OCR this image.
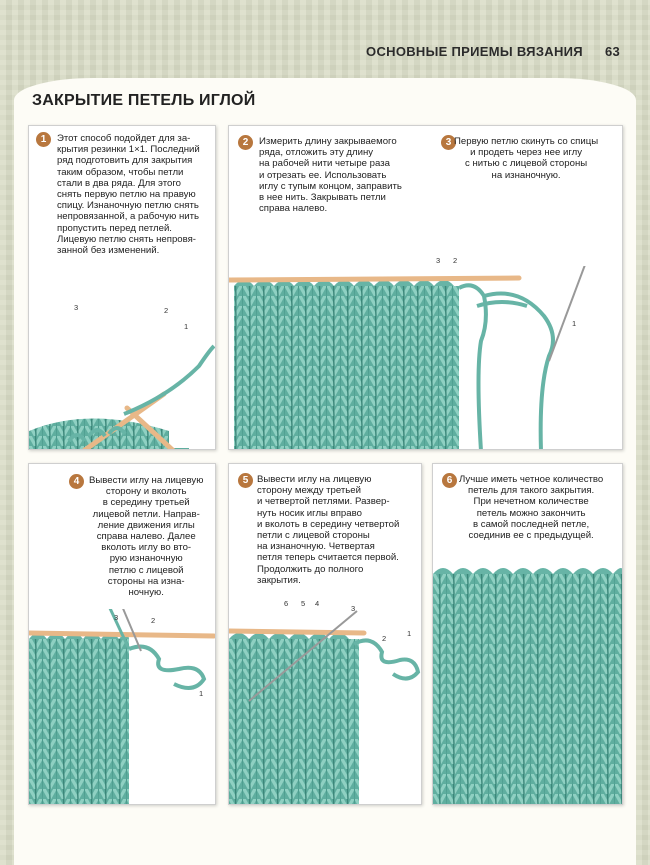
ОСНОВНЫЕ ПРИЕМЫ ВЯЗАНИЯ 63
ЗАКРЫТИЕ ПЕТЕЛЬ ИГЛОЙ
1	Этот способ подойдет для за-
крытия резинки 1×1. Последний
ряд подготовить для закрытия
таким образом, чтобы петли
стали в два ряда. Для этого
снять первую петлю на правую
спицу. Изнаночную петлю снять
непровязанной, а рабочую нить
пропустить перед петлей.
Лицевую петлю снять непровя-
занной без изменений.
3	2
1
2	Измерить длину закрываемого
ряда, отложить эту длину
на рабочей нити четыре раза
и отрезать ее. Использовать
иглу с тупым концом, заправить
в нее нить. Закрывать петли
справа налево.
3 Первую петлю скинуть со спицы
и продеть через нее иглу
с нитью с лицевой стороны
на изнаночную.
3 2
1
4	Вывести иглу на лицевую
сторону и вколоть
в середину третьей
лицевой петли. Направ-
ление движения иглы
справа налево. Далее
вколоть иглу во вто-
рую изнаночную
петлю с лицевой
стороны на изна-
ночную.
3	2
1
5 Вывести иглу на лицевую
сторону между третьей
и четвертой петлями. Развер-
нуть носик иглы вправо
и вколоть в середину четвертой
петли с лицевой стороны
на изнаночную. Четвертая
петля теперь считается первой.
Продолжить до полного
закрытия.
6 5 4
3
2
1
6 Лучше иметь четное количество
петель для такого закрытия.
При нечетном количестве
петель можно закончить
в самой последней петле,
соединив ее с предыдущей.
